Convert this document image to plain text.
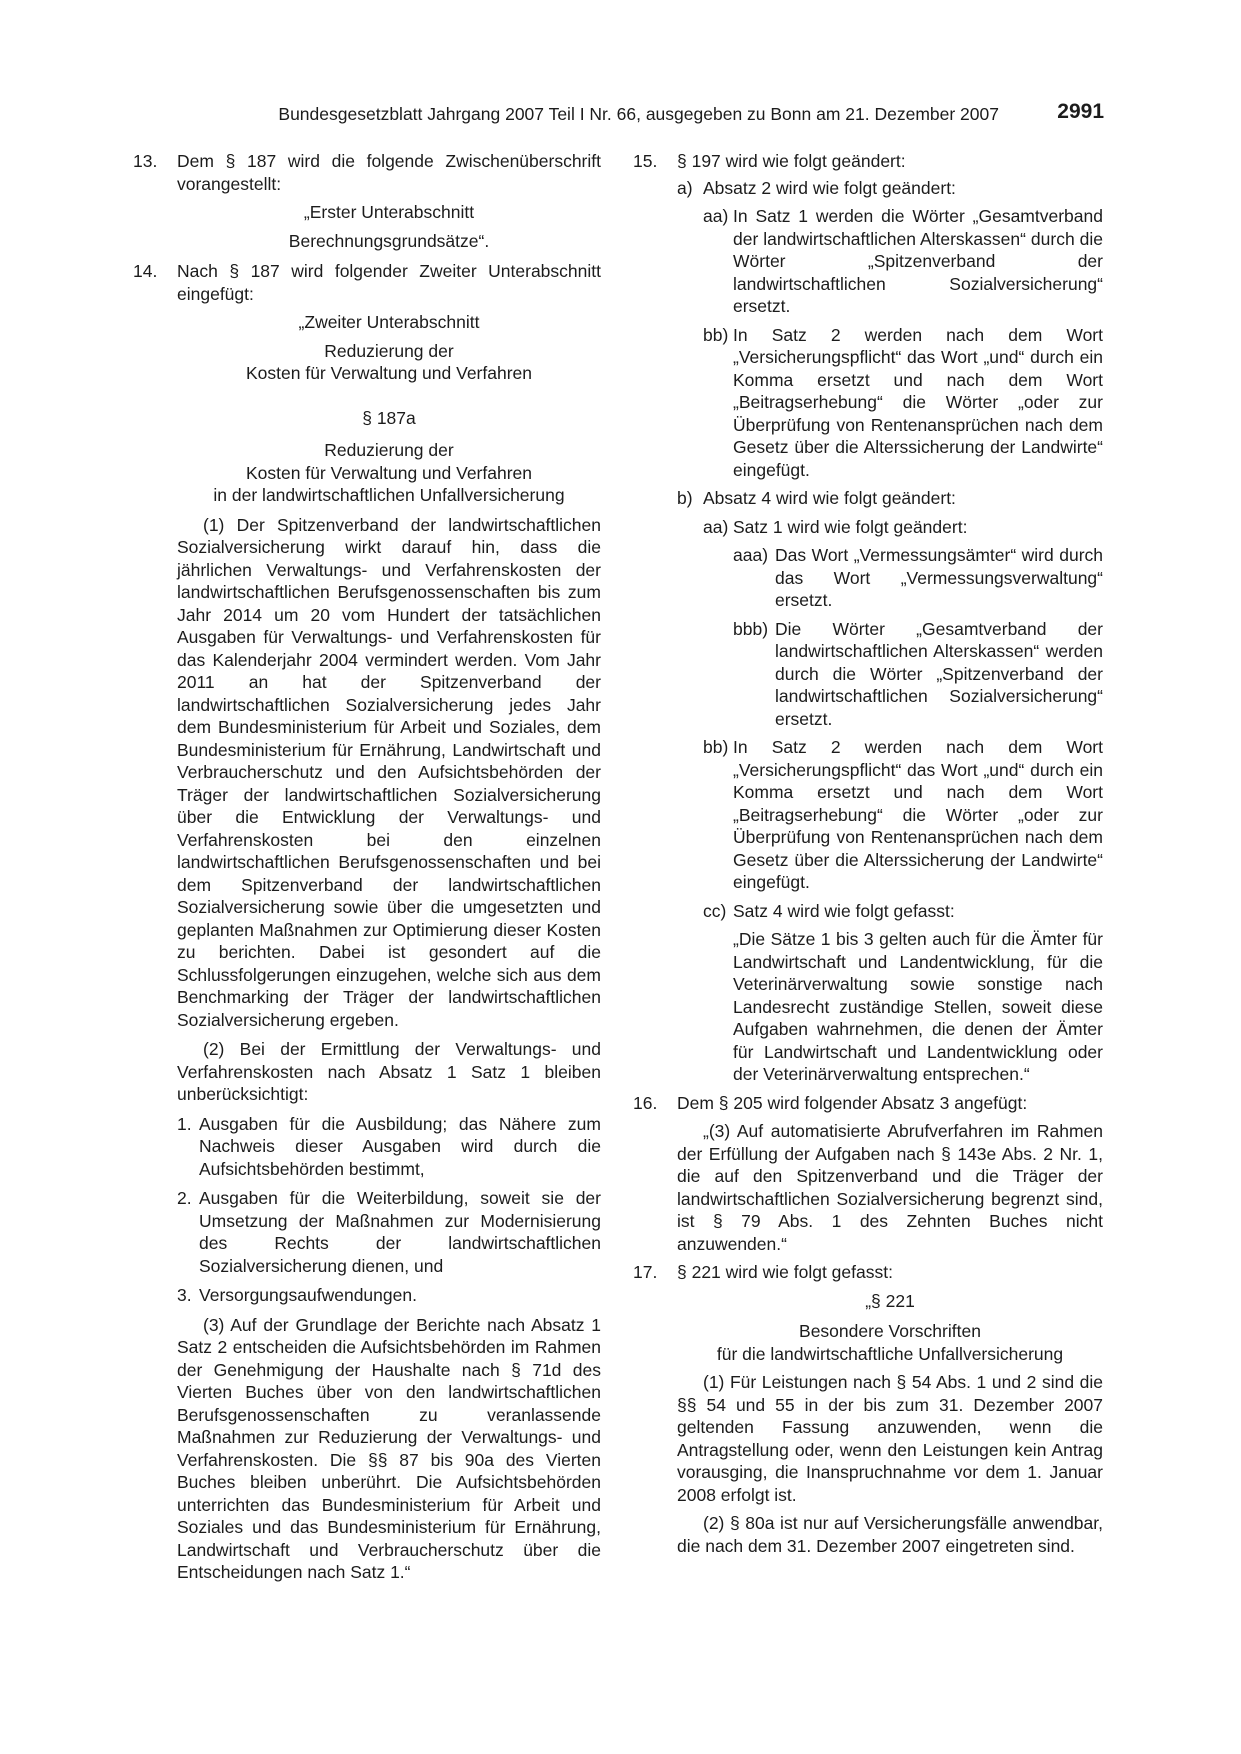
Bundesgesetzblatt Jahrgang 2007 Teil I Nr. 66, ausgegeben zu Bonn am 21. Dezember 2007	2991
13.	Dem § 187 wird die folgende Zwischenüberschrift vorangestellt:

„Erster Unterabschnitt

Berechnungsgrundsätze“.

14.	Nach § 187 wird folgender Zweiter Unterabschnitt eingefügt:

„Zweiter Unterabschnitt

Reduzierung der

Kosten für Verwaltung und Verfahren

§ 187a

Reduzierung der

Kosten für Verwaltung und Verfahren

in der landwirtschaftlichen Unfallversicherung

(1) Der Spitzenverband der landwirtschaftlichen Sozialversicherung wirkt darauf hin, dass die jährlichen Verwaltungs- und Verfahrenskosten der landwirtschaftlichen Berufsgenossenschaften bis zum Jahr 2014 um 20 vom Hundert der tatsächlichen Ausgaben für Verwaltungs- und Verfahrenskosten für das Kalenderjahr 2004 vermindert werden. Vom Jahr 2011 an hat der Spitzenverband der landwirtschaftlichen Sozialversicherung jedes Jahr dem Bundesministerium für Arbeit und Soziales, dem Bundesministerium für Ernährung, Landwirtschaft und Verbraucherschutz und den Aufsichtsbehörden der Träger der landwirtschaftlichen Sozialversicherung über die Entwicklung der Verwaltungs- und Verfahrenskosten bei den einzelnen landwirtschaftlichen Berufsgenossenschaften und bei dem Spitzenverband der landwirtschaftlichen Sozialversicherung sowie über die umgesetzten und geplanten Maßnahmen zur Optimierung dieser Kosten zu berichten. Dabei ist gesondert auf die Schlussfolgerungen einzugehen, welche sich aus dem Benchmarking der Träger der landwirtschaftlichen Sozialversicherung ergeben.

(2) Bei der Ermittlung der Verwaltungs- und Verfahrenskosten nach Absatz 1 Satz 1 bleiben unberücksichtigt:

1. Ausgaben für die Ausbildung; das Nähere zum Nachweis dieser Ausgaben wird durch die Aufsichtsbehörden bestimmt,

2. Ausgaben für die Weiterbildung, soweit sie der Umsetzung der Maßnahmen zur Modernisierung des Rechts der landwirtschaftlichen Sozialversicherung dienen, und

3. Versorgungsaufwendungen.

(3) Auf der Grundlage der Berichte nach Absatz 1 Satz 2 entscheiden die Aufsichtsbehörden im Rahmen der Genehmigung der Haushalte nach § 71d des Vierten Buches über von den landwirtschaftlichen Berufsgenossenschaften zu veranlassende Maßnahmen zur Reduzierung der Verwaltungs- und Verfahrenskosten. Die §§ 87 bis 90a des Vierten Buches bleiben unberührt. Die Aufsichtsbehörden unterrichten das Bundesministerium für Arbeit und Soziales und das Bundesministerium für Ernährung, Landwirtschaft und Verbraucherschutz über die Entscheidungen nach Satz 1.“

15.	§ 197 wird wie folgt geändert:

a) Absatz 2 wird wie folgt geändert:

aa) In Satz 1 werden die Wörter „Gesamtverband der landwirtschaftlichen Alterskassen“ durch die Wörter „Spitzenverband der landwirtschaftlichen Sozialversicherung“ ersetzt.

bb) In Satz 2 werden nach dem Wort „Versicherungspflicht“ das Wort „und“ durch ein Komma ersetzt und nach dem Wort „Beitragserhebung“ die Wörter „oder zur Überprüfung von Rentenansprüchen nach dem Gesetz über die Alterssicherung der Landwirte“ eingefügt.

b) Absatz 4 wird wie folgt geändert:

aa) Satz 1 wird wie folgt geändert:

aaa) Das Wort „Vermessungsämter“ wird durch das Wort „Vermessungsverwaltung“ ersetzt.

bbb) Die Wörter „Gesamtverband der landwirtschaftlichen Alterskassen“ werden durch die Wörter „Spitzenverband der landwirtschaftlichen Sozialversicherung“ ersetzt.

bb) In Satz 2 werden nach dem Wort „Versicherungspflicht“ das Wort „und“ durch ein Komma ersetzt und nach dem Wort „Beitragserhebung“ die Wörter „oder zur Überprüfung von Rentenansprüchen nach dem Gesetz über die Alterssicherung der Landwirte“ eingefügt.

cc) Satz 4 wird wie folgt gefasst:

„Die Sätze 1 bis 3 gelten auch für die Ämter für Landwirtschaft und Landentwicklung, für die Veterinärverwaltung sowie sonstige nach Landesrecht zuständige Stellen, soweit diese Aufgaben wahrnehmen, die denen der Ämter für Landwirtschaft und Landentwicklung oder der Veterinärverwaltung entsprechen.“

16.	Dem § 205 wird folgender Absatz 3 angefügt:

„(3) Auf automatisierte Abrufverfahren im Rahmen der Erfüllung der Aufgaben nach § 143e Abs. 2 Nr. 1, die auf den Spitzenverband und die Träger der landwirtschaftlichen Sozialversicherung begrenzt sind, ist § 79 Abs. 1 des Zehnten Buches nicht anzuwenden.“

17.	§ 221 wird wie folgt gefasst:

„§ 221

Besondere Vorschriften

für die landwirtschaftliche Unfallversicherung

(1) Für Leistungen nach § 54 Abs. 1 und 2 sind die §§ 54 und 55 in der bis zum 31. Dezember 2007 geltenden Fassung anzuwenden, wenn die Antragstellung oder, wenn den Leistungen kein Antrag vorausging, die Inanspruchnahme vor dem 1. Januar 2008 erfolgt ist.

(2) § 80a ist nur auf Versicherungsfälle anwendbar, die nach dem 31. Dezember 2007 eingetreten sind.
